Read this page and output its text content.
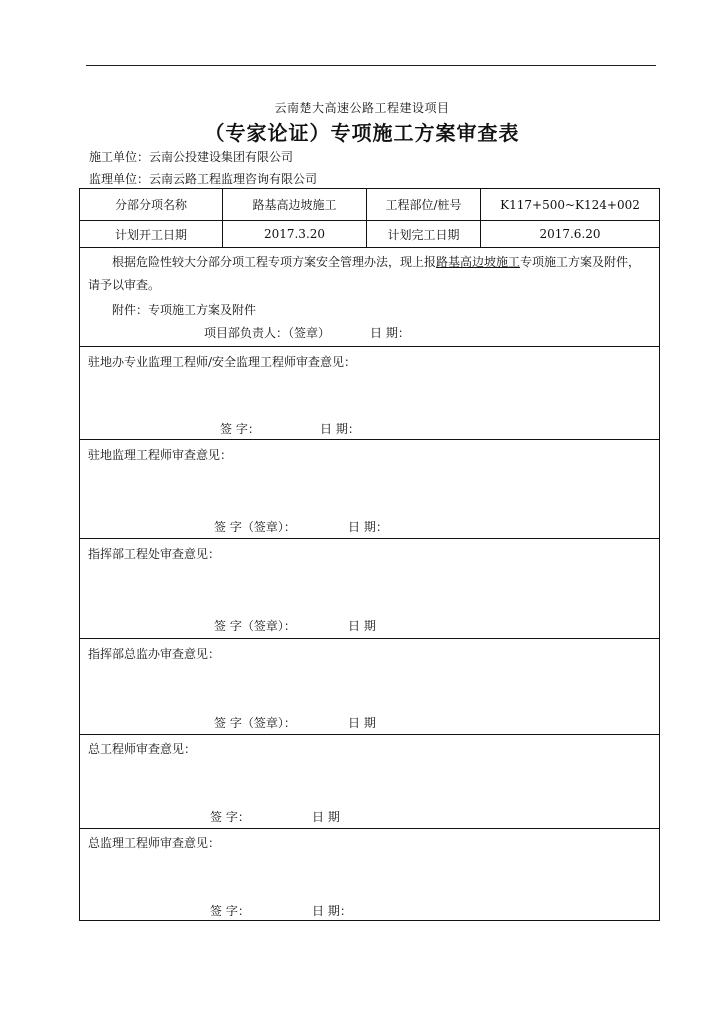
云南楚大高速公路工程建设项目
（专家论证）专项施工方案审查表
施工单位：云南公投建设集团有限公司
监理单位：云南云路工程监理咨询有限公司
分部分项名称	路基高边坡施工	工程部位/桩号	K117+500~K124+002
计划开工日期	2017.3.20	计划完工日期	2017.6.20
根据危险性较大分部分项工程专项方案安全管理办法，现上报路基高边坡施工专项施工方案及附件，请予以审查。
附件：专项施工方案及附件
项目部负责人：（签章）	日 期：
驻地办专业监理工程师/安全监理工程师审查意见：
签 字：	日 期：
驻地监理工程师审查意见：
签 字（签章）：	日 期：
指挥部工程处审查意见：
签 字（签章）：	日 期
指挥部总监办审查意见：
签 字（签章）：	日 期
总工程师审查意见：
签 字：	日 期
总监理工程师审查意见：
签 字：	日 期：
